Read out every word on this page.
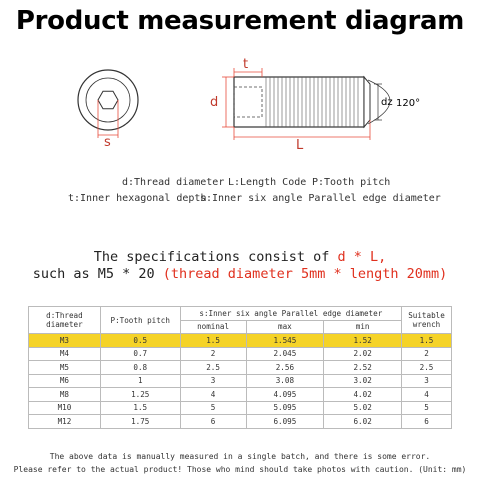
Product measurement diagram
s
t
d
L
dz 120°
d:Thread diameter L:Length Code P:Tooth pitch
t:Inner hexagonal depth
s:Inner six angle Parallel edge diameter
The specifications consist of d * L,
such as M5 * 20 (thread diameter 5mm * length 20mm)
d:Thread diameter	P:Tooth pitch	s:Inner six angle Parallel edge diameter			Suitable wrench
		nominal	max	min	
M3	0.5	1.5	1.545	1.52	1.5
M4	0.7	2	2.045	2.02	2
M5	0.8	2.5	2.56	2.52	2.5
M6	1	3	3.08	3.02	3
M8	1.25	4	4.095	4.02	4
M10	1.5	5	5.095	5.02	5
M12	1.75	6	6.095	6.02	6
The above data is manually measured in a single batch, and there is some error.
Please refer to the actual product! Those who mind should take photos with caution. (Unit: mm)
